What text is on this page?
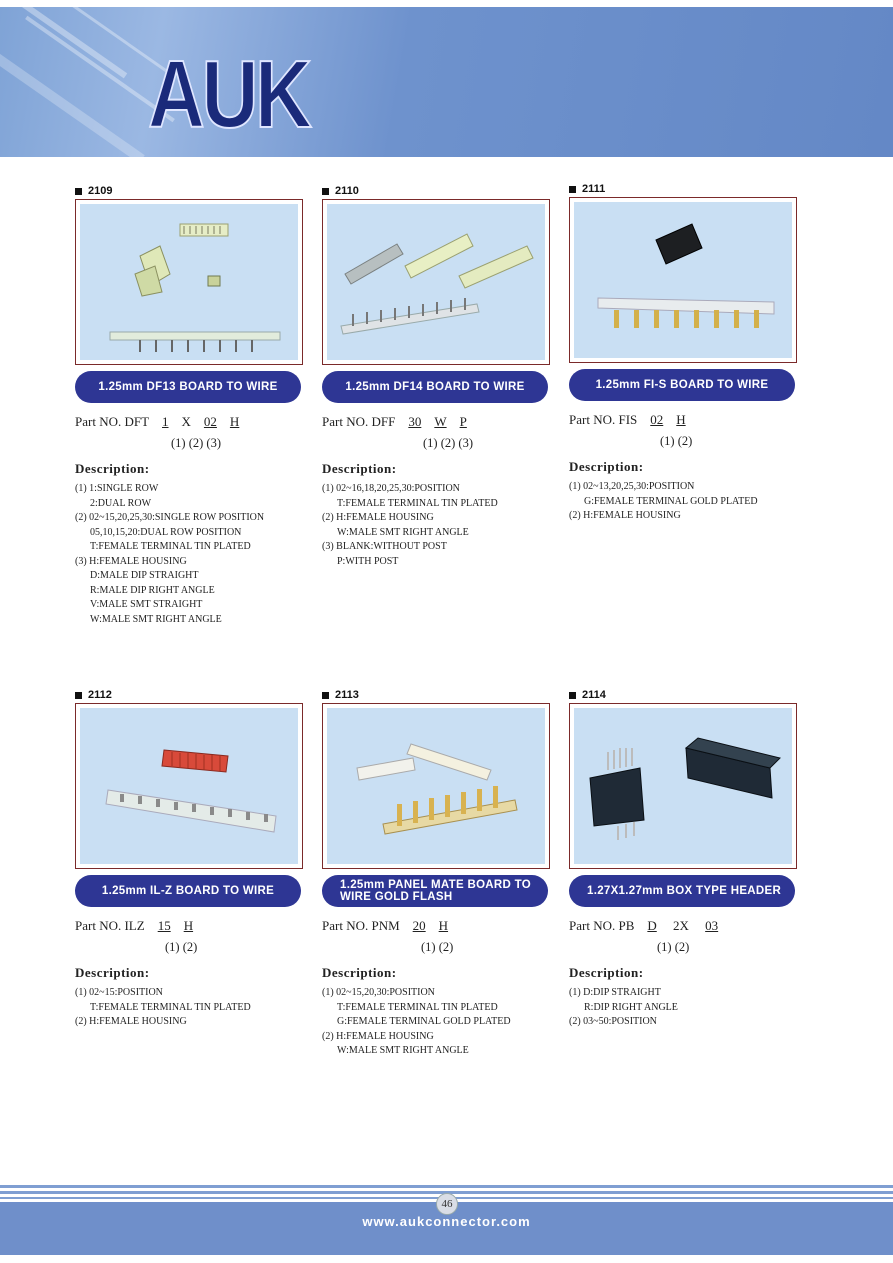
AUK
2109
1.25mm DF13 BOARD TO WIRE
Part NO. DFT 1 X 02 H
(1) (2) (3)
Description:
(1) 1:SINGLE ROW
2:DUAL ROW
(2) 02~15,20,25,30:SINGLE ROW POSITION
05,10,15,20:DUAL ROW POSITION
T:FEMALE TERMINAL TIN PLATED
(3) H:FEMALE HOUSING
D:MALE DIP STRAIGHT
R:MALE DIP RIGHT ANGLE
V:MALE SMT STRAIGHT
W:MALE SMT RIGHT ANGLE
2110
1.25mm DF14 BOARD TO WIRE
Part NO. DFF 30 W P
(1) (2) (3)
Description:
(1) 02~16,18,20,25,30:POSITION
T:FEMALE TERMINAL TIN PLATED
(2) H:FEMALE HOUSING
W:MALE SMT RIGHT ANGLE
(3) BLANK:WITHOUT POST
P:WITH POST
2111
1.25mm FI-S BOARD TO WIRE
Part NO. FIS 02 H
(1) (2)
Description:
(1) 02~13,20,25,30:POSITION
G:FEMALE TERMINAL GOLD PLATED
(2) H:FEMALE HOUSING
2112
1.25mm IL-Z BOARD TO WIRE
Part NO. ILZ 15 H
(1) (2)
Description:
(1) 02~15:POSITION
T:FEMALE TERMINAL TIN PLATED
(2) H:FEMALE HOUSING
2113
1.25mm PANEL MATE BOARD TO WIRE GOLD FLASH
Part NO. PNM 20 H
(1) (2)
Description:
(1) 02~15,20,30:POSITION
T:FEMALE TERMINAL TIN PLATED
G:FEMALE TERMINAL GOLD PLATED
(2) H:FEMALE HOUSING
W:MALE SMT RIGHT ANGLE
2114
1.27X1.27mm BOX TYPE HEADER
Part NO. PB D 2X 03
(1) (2)
Description:
(1) D:DIP STRAIGHT
R:DIP RIGHT ANGLE
(2) 03~50:POSITION
46
www.aukconnector.com
